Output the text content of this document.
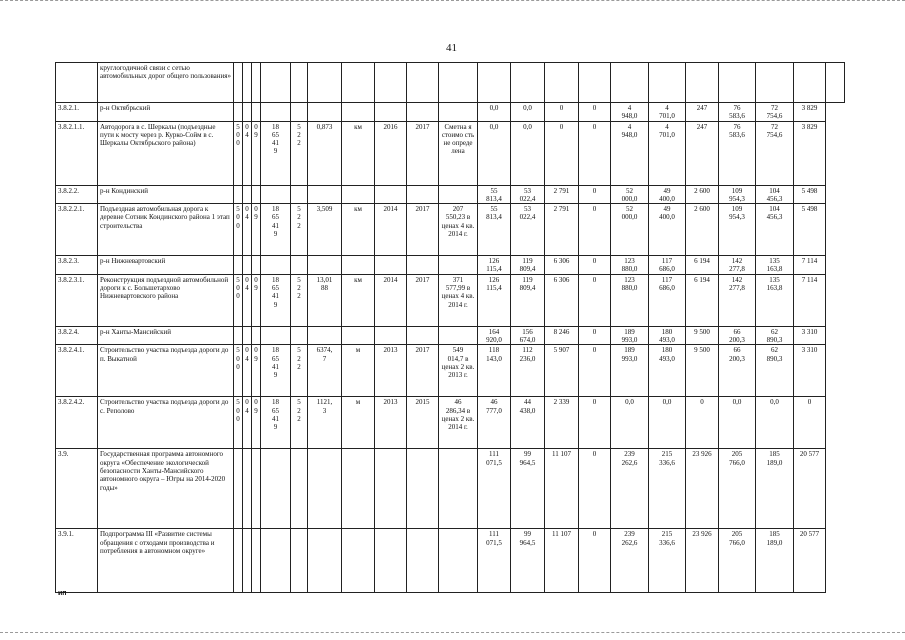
41
	круглогодичной связи с сетью автомобильных дорог общего пользования»																					
3.8.2.1.	р-н Октябрьский											0,0	0,0	0	0	4
948,0	4
701,0	247	76
583,6	72
754,6	3 829	
3.8.2.1.1.	Автодорога в с. Шеркалы (подъездные пути к мосту через р. Курко-Сойм в с. Шеркалы Октябрьского района)	5
0
0	0
4	0
9	18
65
41
9	5
2
2	0,873	км	2016	2017	Сметна я стоимо сть не опреде лена	0,0	0,0	0	0	4
948,0	4
701,0	247	76
583,6	72
754,6	3 829	
3.8.2.2.	р-н Кондинский											55
813,4	53
022,4	2 791	0	52
000,0	49
400,0	2 600	109
954,3	104
456,3	5 498	
3.8.2.2.1.	Подъездная автомобильная дорога к деревне Сотник Кондинского района 1 этап строительства	5
0
0	0
4	0
9	18
65
41
9	5
2
2	3,509	км	2014	2017	207
550,23 в ценах 4 кв. 2014 г.	55
813,4	53
022,4	2 791	0	52
000,0	49
400,0	2 600	109
954,3	104
456,3	5 498	
3.8.2.3.	р-н Нижневартовский											126
115,4	119
809,4	6 306	0	123
880,0	117
686,0	6 194	142
277,8	135
163,8	7 114	
3.8.2.3.1.	Реконструкция подъездной автомобильной дороги к с. Большетархово Нижневартовского района	5
0
0	0
4	0
9	18
65
41
9	5
2
2	13,01
88	км	2014	2017	371
577,99 в ценах 4 кв. 2014 г.	126
115,4	119
809,4	6 306	0	123
880,0	117
686,0	6 194	142
277,8	135
163,8	7 114	
3.8.2.4.	р-н Ханты-Мансийский											164
920,0	156
674,0	8 246	0	189
993,0	180
493,0	9 500	66
200,3	62
890,3	3 310	
3.8.2.4.1.	Строительство участка подъезда дороги до п. Выкатной	5
0
0	0
4	0
9	18
65
41
9	5
2
2	6374,
7	м	2013	2017	549
014,7 в ценах 2 кв. 2013 г.	118
143,0	112
236,0	5 907	0	189
993,0	180
493,0	9 500	66
200,3	62
890,3	3 310	
3.8.2.4.2.	Строительство участка подъезда дороги до с. Реполово	5
0
0	0
4	0
9	18
65
41
9	5
2
2	1121,
3	м	2013	2015	46
286,34 в ценах 2 кв. 2014 г.	46
777,0	44
438,0	2 339	0	0,0	0,0	0	0,0	0,0	0	
3.9.	Государственная программа автономного округа «Обеспечение экологической безопасности Ханты-Мансийского автономного округа – Югры на 2014-2020 годы»											111
071,5	99
964,5	11 107	0	239
262,6	215
336,6	23 926	205
766,0	185
189,0	20 577	
3.9.1.	Подпрограмма III «Развитие системы обращения с отходами производства и потребления в автономном округе»											111
071,5	99
964,5	11 107	0	239
262,6	215
336,6	23 926	205
766,0	185
189,0	20 577	
ип
